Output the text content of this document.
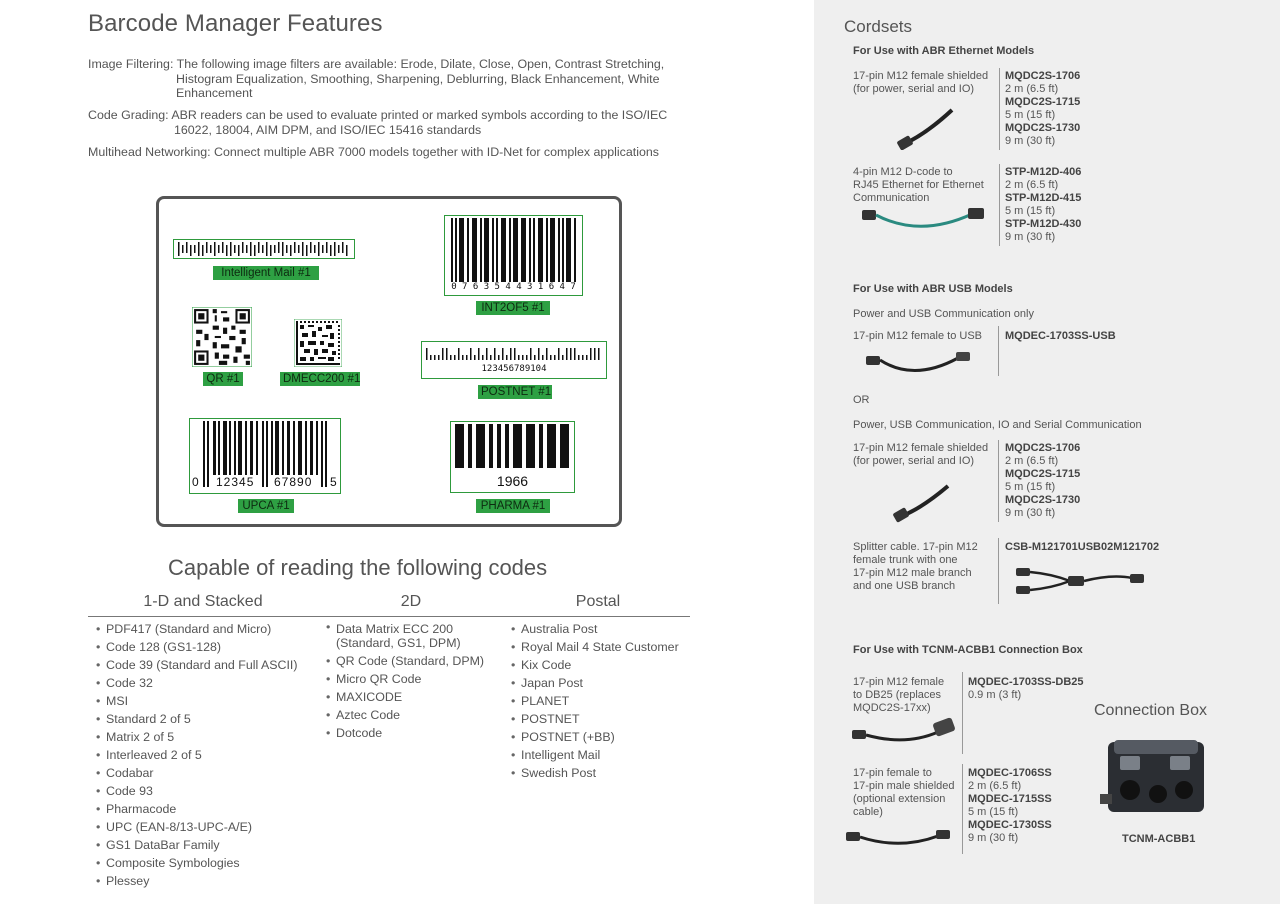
Barcode Manager Features
Image Filtering: The following image filters are available: Erode, Dilate, Close, Open, Contrast Stretching,
Histogram Equalization, Smoothing, Sharpening, Deblurring, Black Enhancement, White
Enhancement
Code Grading: ABR readers can be used to evaluate printed or marked symbols according to the ISO/IEC
16022, 18004, AIM DPM, and ISO/IEC 15416 standards
Multihead Networking: Connect multiple ABR 7000 models together with ID-Net for complex applications
Intelligent Mail #1
0 7 6 3 5 4 4 3 1 6 4 7
INT2OF5 #1
QR #1	DMECC200 #1
123456789104
POSTNET #1
0 12345 67890 5
UPCA #1
1966
PHARMA #1
Capable of reading the following codes
1-D and Stacked	2D	Postal
• PDF417 (Standard and Micro)
• Code 128 (GS1-128)
• Code 39 (Standard and Full ASCII)
• Code 32
• MSI
• Standard 2 of 5
• Matrix 2 of 5
• Interleaved 2 of 5
• Codabar
• Code 93
• Pharmacode
• UPC (EAN-8/13-UPC-A/E)
• GS1 DataBar Family
• Composite Symbologies
• Plessey
• Data Matrix ECC 200
(Standard, GS1, DPM)
• QR Code (Standard, DPM)
• Micro QR Code
• MAXICODE
• Aztec Code
• Dotcode
• Australia Post
• Royal Mail 4 State Customer
• Kix Code
• Japan Post
• PLANET
• POSTNET
• POSTNET (+BB)
• Intelligent Mail
• Swedish Post
Cordsets
For Use with ABR Ethernet Models
17-pin M12 female shielded
(for power, serial and IO)
MQDC2S-1706
2 m (6.5 ft)
MQDC2S-1715
5 m (15 ft)
MQDC2S-1730
9 m (30 ft)
4-pin M12 D-code to
RJ45 Ethernet for Ethernet
Communication
STP-M12D-406
2 m (6.5 ft)
STP-M12D-415
5 m (15 ft)
STP-M12D-430
9 m (30 ft)
For Use with ABR USB Models
Power and USB Communication only
17-pin M12 female to USB MQDEC-1703SS-USB
OR
Power, USB Communication, IO and Serial Communication
17-pin M12 female shielded
(for power, serial and IO)
MQDC2S-1706
2 m (6.5 ft)
MQDC2S-1715
5 m (15 ft)
MQDC2S-1730
9 m (30 ft)
Splitter cable. 17-pin M12
female trunk with one
17-pin M12 male branch
and one USB branch
CSB-M121701USB02M121702
For Use with TCNM-ACBB1 Connection Box
17-pin M12 female
to DB25 (replaces
MQDC2S-17xx)
MQDEC-1703SS-DB25
0.9 m (3 ft)
17-pin female to
17-pin male shielded
(optional extension
cable)
MQDEC-1706SS
2 m (6.5 ft)
MQDEC-1715SS
5 m (15 ft)
MQDEC-1730SS
9 m (30 ft)
Connection Box
TCNM-ACBB1
